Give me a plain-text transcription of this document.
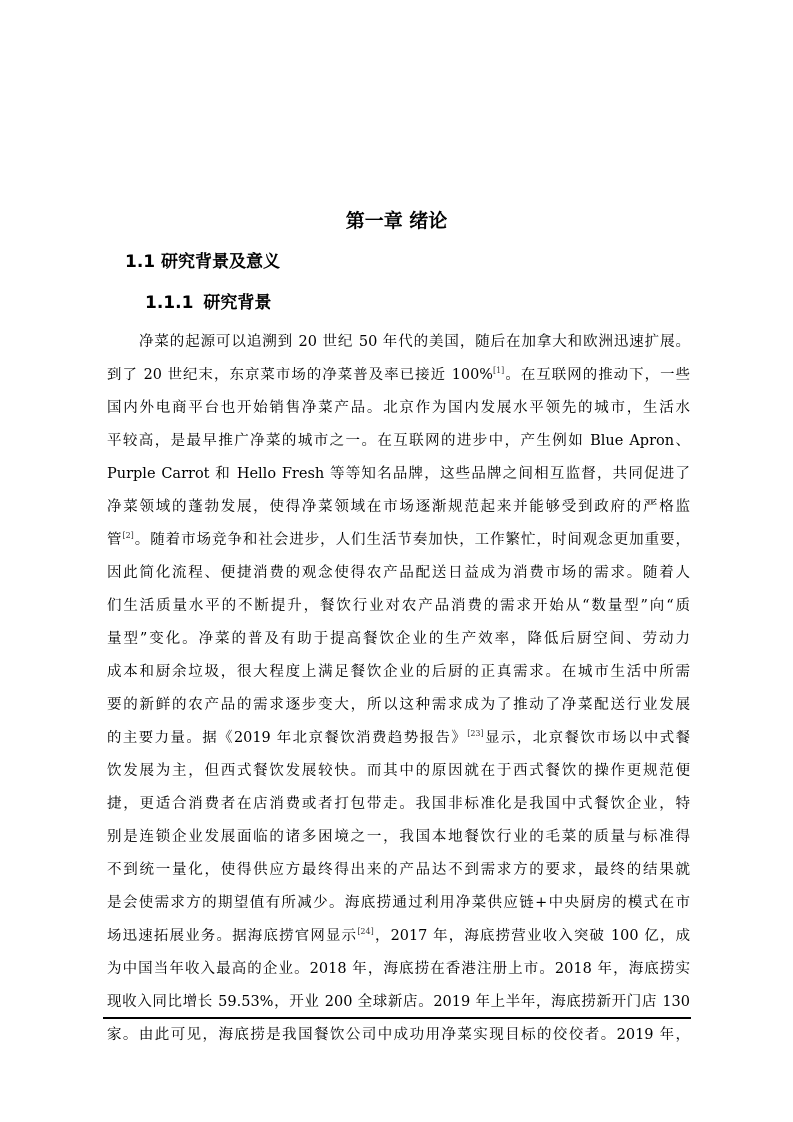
第一章 绪论
1.1 研究背景及意义
1.1.1 研究背景
净菜的起源可以追溯到 20 世纪 50 年代的美国，随后在加拿大和欧洲迅速扩展。
到了 20 世纪末，东京菜市场的净菜普及率已接近 100%[1]。在互联网的推动下，一些
国内外电商平台也开始销售净菜产品。北京作为国内发展水平领先的城市，生活水
平较高，是最早推广净菜的城市之一。在互联网的进步中，产生例如 Blue Apron、
Purple Carrot 和 Hello Fresh 等等知名品牌，这些品牌之间相互监督，共同促进了
净菜领域的蓬勃发展，使得净菜领域在市场逐渐规范起来并能够受到政府的严格监
管[2]。随着市场竞争和社会进步，人们生活节奏加快，工作繁忙，时间观念更加重要，
因此简化流程、便捷消费的观念使得农产品配送日益成为消费市场的需求。随着人
们生活质量水平的不断提升，餐饮行业对农产品消费的需求开始从“数量型”向“质
量型”变化。净菜的普及有助于提高餐饮企业的生产效率，降低后厨空间、劳动力
成本和厨余垃圾，很大程度上满足餐饮企业的后厨的正真需求。在城市生活中所需
要的新鲜的农产品的需求逐步变大，所以这种需求成为了推动了净菜配送行业发展
的主要力量。据《2019 年北京餐饮消费趋势报告》[23]显示，北京餐饮市场以中式餐
饮发展为主，但西式餐饮发展较快。而其中的原因就在于西式餐饮的操作更规范便
捷，更适合消费者在店消费或者打包带走。我国非标准化是我国中式餐饮企业，特
别是连锁企业发展面临的诸多困境之一，我国本地餐饮行业的毛菜的质量与标准得
不到统一量化，使得供应方最终得出来的产品达不到需求方的要求，最终的结果就
是会使需求方的期望值有所减少。海底捞通过利用净菜供应链+中央厨房的模式在市
场迅速拓展业务。据海底捞官网显示[24]，2017 年，海底捞营业收入突破 100 亿，成
为中国当年收入最高的企业。2018 年，海底捞在香港注册上市。2018 年，海底捞实
现收入同比增长 59.53%，开业 200 全球新店。2019 年上半年，海底捞新开门店 130
家。由此可见，海底捞是我国餐饮公司中成功用净菜实现目标的佼佼者。2019 年，
